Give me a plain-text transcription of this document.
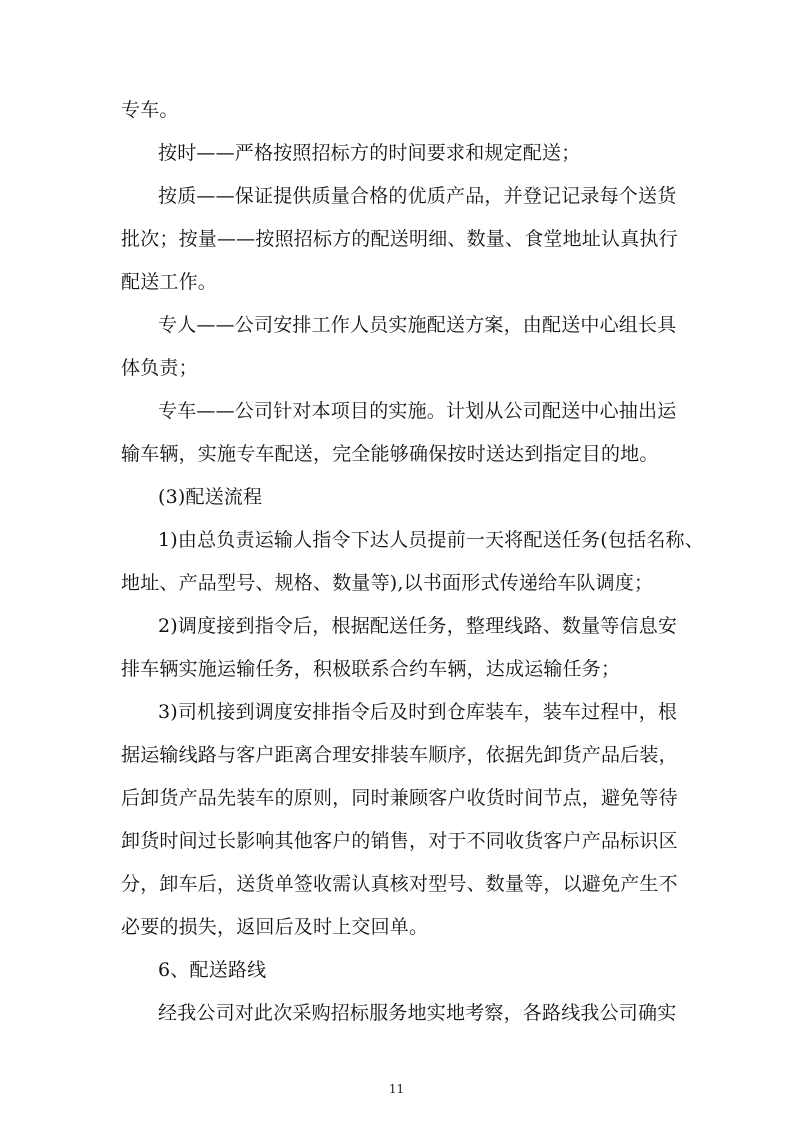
专车。
按时——严格按照招标方的时间要求和规定配送；
按质——保证提供质量合格的优质产品，并登记记录每个送货
批次；按量——按照招标方的配送明细、数量、食堂地址认真执行
配送工作。
专人——公司安排工作人员实施配送方案，由配送中心组长具
体负责；
专车——公司针对本项目的实施。计划从公司配送中心抽出运
输车辆，实施专车配送，完全能够确保按时送达到指定目的地。
(3)配送流程
1)由总负责运输人指令下达人员提前一天将配送任务(包括名称、
地址、产品型号、规格、数量等),以书面形式传递给车队调度；
2)调度接到指令后，根据配送任务，整理线路、数量等信息安
排车辆实施运输任务，积极联系合约车辆，达成运输任务；
3)司机接到调度安排指令后及时到仓库装车，装车过程中，根
据运输线路与客户距离合理安排装车顺序，依据先卸货产品后装，
后卸货产品先装车的原则，同时兼顾客户收货时间节点，避免等待
卸货时间过长影响其他客户的销售，对于不同收货客户产品标识区
分，卸车后，送货单签收需认真核对型号、数量等，以避免产生不
必要的损失，返回后及时上交回单。
6、配送路线
经我公司对此次采购招标服务地实地考察，各路线我公司确实
11
